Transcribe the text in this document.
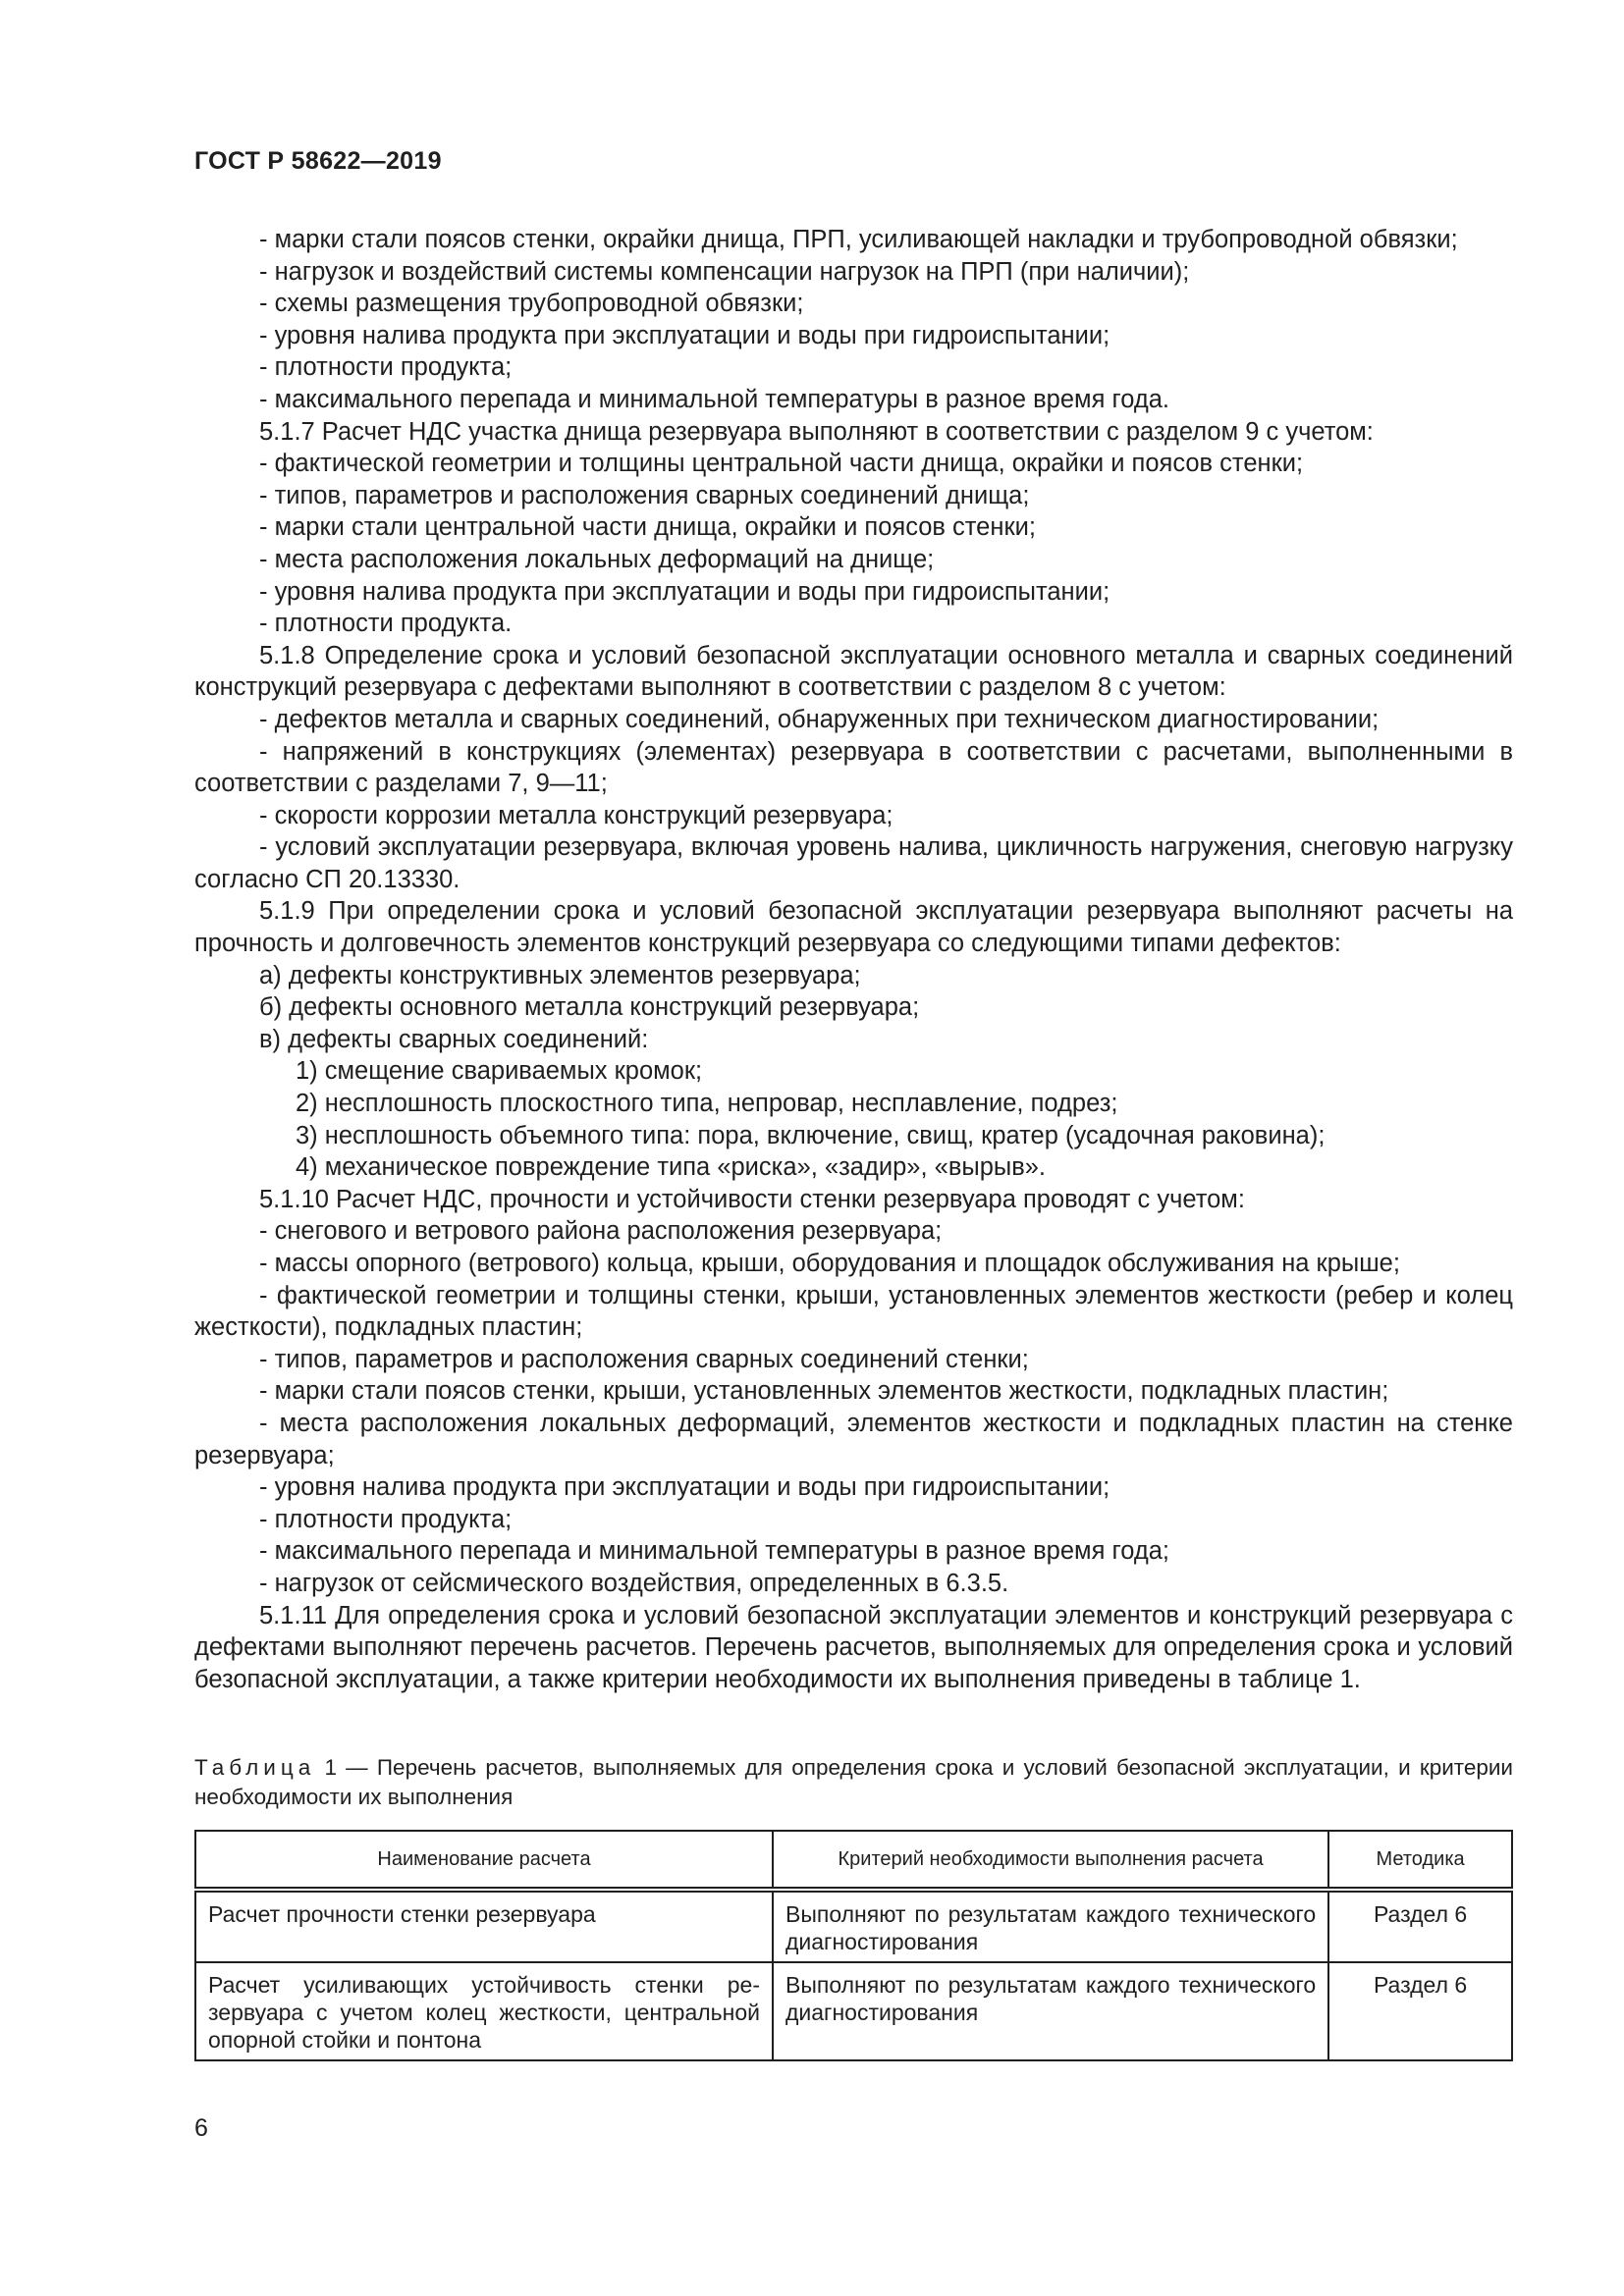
ГОСТ Р 58622—2019

- марки стали поясов стенки, окрайки днища, ПРП, усиливающей накладки и трубопроводной обвязки;

- нагрузок и воздействий системы компенсации нагрузок на ПРП (при наличии);

- схемы размещения трубопроводной обвязки;

- уровня налива продукта при эксплуатации и воды при гидроиспытании;

- плотности продукта;

- максимального перепада и минимальной температуры в разное время года.

5.1.7 Расчет НДС участка днища резервуара выполняют в соответствии с разделом 9 с учетом:

- фактической геометрии и толщины центральной части днища, окрайки и поясов стенки;

- типов, параметров и расположения сварных соединений днища;

- марки стали центральной части днища, окрайки и поясов стенки;

- места расположения локальных деформаций на днище;

- уровня налива продукта при эксплуатации и воды при гидроиспытании;

- плотности продукта.

5.1.8 Определение срока и условий безопасной эксплуатации основного металла и сварных соединений конструкций резервуара с дефектами выполняют в соответствии с разделом 8 с учетом:

- дефектов металла и сварных соединений, обнаруженных при техническом диагностировании;

- напряжений в конструкциях (элементах) резервуара в соответствии с расчетами, выполненными в соответствии с разделами 7, 9—11;

- скорости коррозии металла конструкций резервуара;

- условий эксплуатации резервуара, включая уровень налива, цикличность нагружения, снеговую нагрузку согласно СП 20.13330.

5.1.9 При определении срока и условий безопасной эксплуатации резервуара выполняют расчеты на прочность и долговечность элементов конструкций резервуара со следующими типами дефектов:

а) дефекты конструктивных элементов резервуара;

б) дефекты основного металла конструкций резервуара;

в) дефекты сварных соединений:

1) смещение свариваемых кромок;

2) несплошность плоскостного типа, непровар, несплавление, подрез;

3) несплошность объемного типа: пора, включение, свищ, кратер (усадочная раковина);

4) механическое повреждение типа «риска», «задир», «вырыв».

5.1.10 Расчет НДС, прочности и устойчивости стенки резервуара проводят с учетом:

- снегового и ветрового района расположения резервуара;

- массы опорного (ветрового) кольца, крыши, оборудования и площадок обслуживания на крыше;

- фактической геометрии и толщины стенки, крыши, установленных элементов жесткости (ребер и колец жесткости), подкладных пластин;

- типов, параметров и расположения сварных соединений стенки;

- марки стали поясов стенки, крыши, установленных элементов жесткости, подкладных пластин;

- места расположения локальных деформаций, элементов жесткости и подкладных пластин на стенке резервуара;

- уровня налива продукта при эксплуатации и воды при гидроиспытании;

- плотности продукта;

- максимального перепада и минимальной температуры в разное время года;

- нагрузок от сейсмического воздействия, определенных в 6.3.5.

5.1.11 Для определения срока и условий безопасной эксплуатации элементов и конструкций резервуара с дефектами выполняют перечень расчетов. Перечень расчетов, выполняемых для определения срока и условий безопасной эксплуатации, а также критерии необходимости их выполнения приведены в таблице 1.

Таблица 1 — Перечень расчетов, выполняемых для определения срока и условий безопасной эксплуатации, и критерии необходимости их выполнения
Наименование расчета	Критерий необходимости выполнения расчета	Методика
Расчет прочности стенки резервуара	Выполняют по результатам каждого технического диагностирования	Раздел 6
Расчет усиливающих устойчивость стенки резервуара с учетом колец жесткости, центральной опорной стойки и понтона	Выполняют по результатам каждого технического диагностирования	Раздел 6
6
